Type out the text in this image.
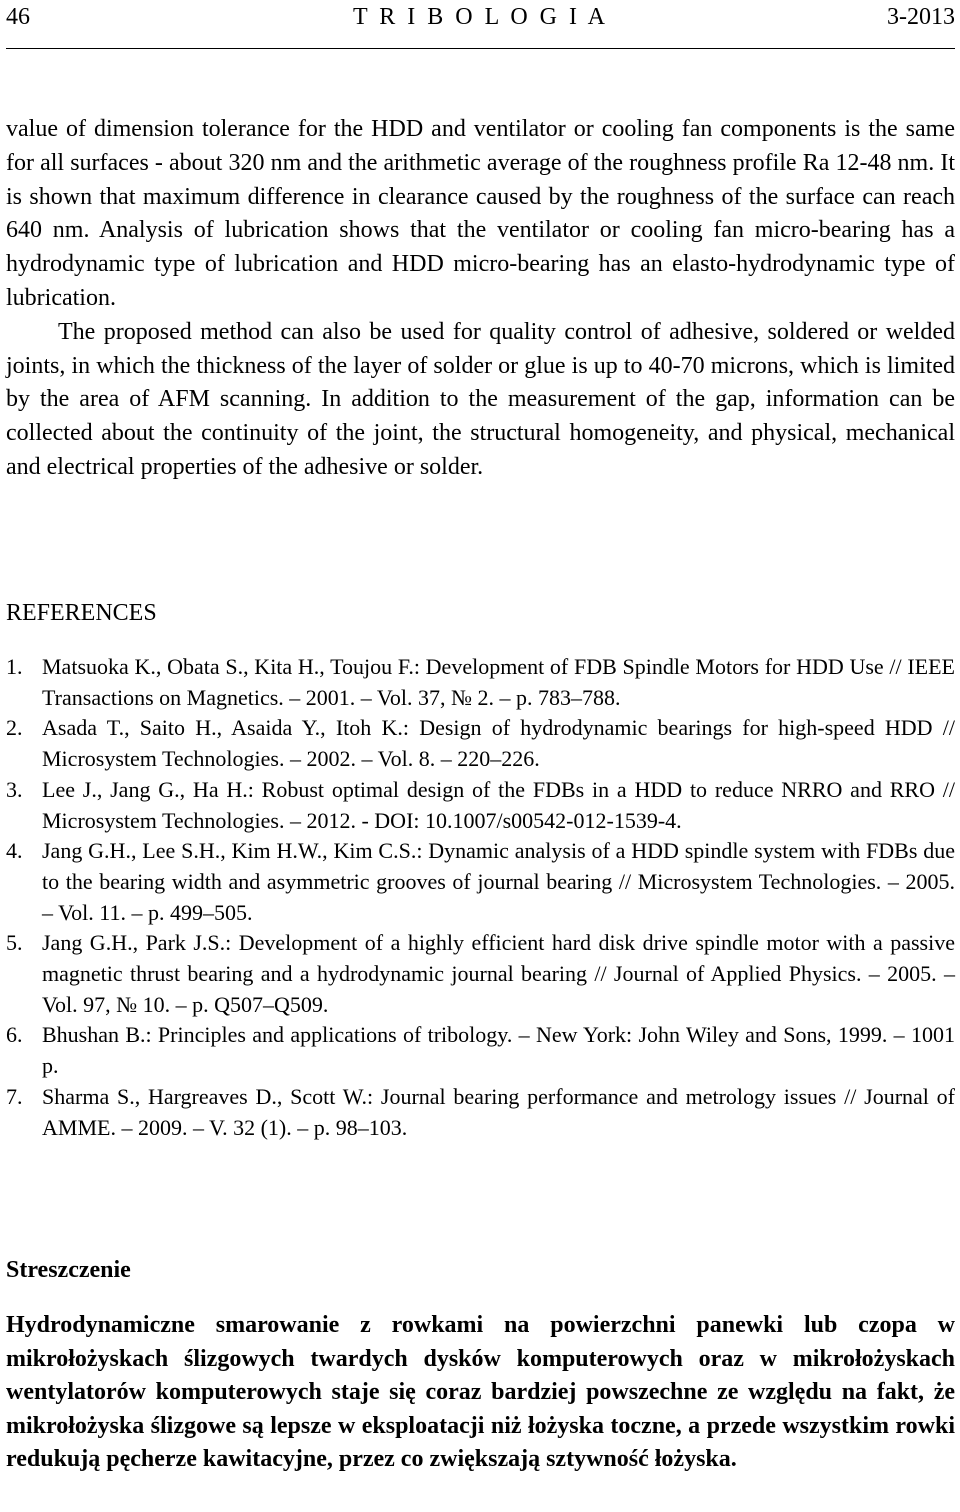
46	T R I B O L O G I A	3-2013

value of dimension tolerance for the HDD and ventilator or cooling fan components is the same for all surfaces - about 320 nm and the arithmetic average of the roughness profile Ra 12-48 nm. It is shown that maximum difference in clearance caused by the roughness of the surface can reach 640 nm. Analysis of lubrication shows that the ventilator or cooling fan micro-bearing has a hydrodynamic type of lubrication and HDD micro-bearing has an elasto-hydrodynamic type of lubrication.

The proposed method can also be used for quality control of adhesive, soldered or welded joints, in which the thickness of the layer of solder or glue is up to 40-70 microns, which is limited by the area of AFM scanning. In addition to the measurement of the gap, information can be collected about the continuity of the joint, the structural homogeneity, and physical, mechanical and electrical properties of the adhesive or solder.

REFERENCES
1. Matsuoka K., Obata S., Kita H., Toujou F.: Development of FDB Spindle Motors for HDD Use // IEEE Transactions on Magnetics. – 2001. – Vol. 37, № 2. – p. 783–788.
2. Asada T., Saito H., Asaida Y., Itoh K.: Design of hydrodynamic bearings for high-speed HDD // Microsystem Technologies. – 2002. – Vol. 8. – 220–226.
3. Lee J., Jang G., Ha H.: Robust optimal design of the FDBs in a HDD to reduce NRRO and RRO // Microsystem Technologies. – 2012. - DOI: 10.1007/s00542-012-1539-4.
4. Jang G.H., Lee S.H., Kim H.W., Kim C.S.: Dynamic analysis of a HDD spindle system with FDBs due to the bearing width and asymmetric grooves of journal bearing // Microsystem Technologies. – 2005. – Vol. 11. – p. 499–505.
5. Jang G.H., Park J.S.: Development of a highly efficient hard disk drive spindle motor with a passive magnetic thrust bearing and a hydrodynamic journal bearing // Journal of Applied Physics. – 2005. – Vol. 97, № 10. – p. Q507–Q509.
6. Bhushan B.: Principles and applications of tribology. – New York: John Wiley and Sons, 1999. – 1001 p.
7. Sharma S., Hargreaves D., Scott W.: Journal bearing performance and metrology issues // Journal of AMME. – 2009. – V. 32 (1). – p. 98–103.
Streszczenie

Hydrodynamiczne smarowanie z rowkami na powierzchni panewki lub czopa w mikrołożyskach ślizgowych twardych dysków komputerowych oraz w mikrołożyskach wentylatorów komputerowych staje się coraz bardziej powszechne ze względu na fakt, że mikrołożyska ślizgowe są lepsze w eksploatacji niż łożyska toczne, a przede wszystkim rowki redukują pęcherze kawitacyjne, przez co zwiększają sztywność łożyska.
